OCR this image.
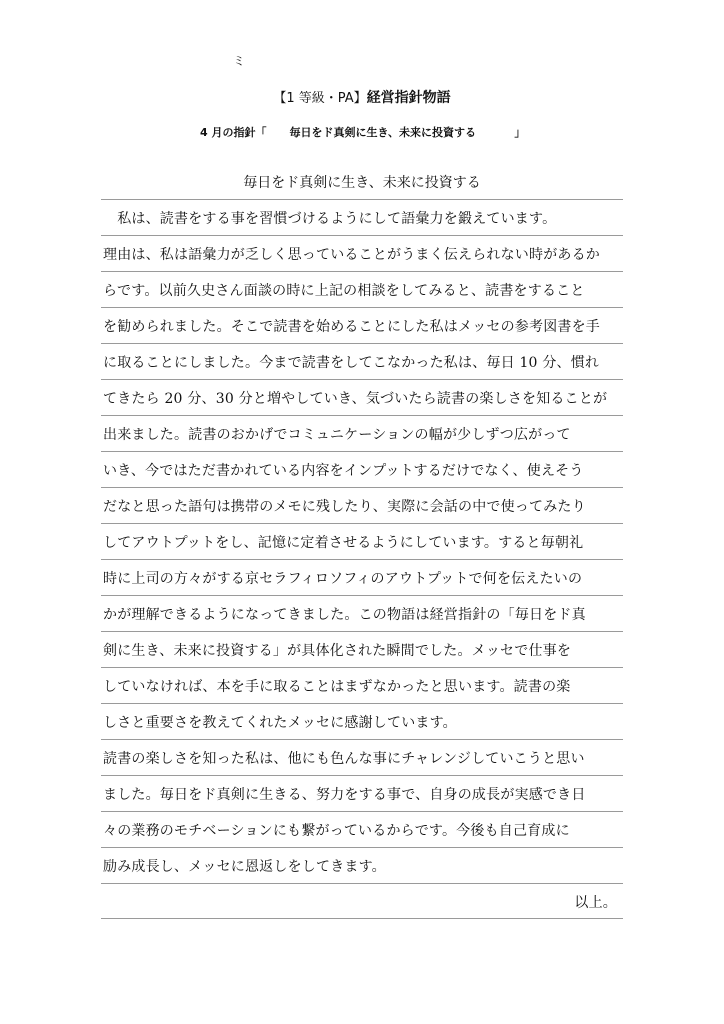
ミ
【1 等級・PA】経営指針物語
4 月の指針「 毎日をド真剣に生き、未来に投資する	」
毎日をド真剣に生き、未来に投資する
　私は、読書をする事を習慣づけるようにして語彙力を鍛えています。
理由は、私は語彙力が乏しく思っていることがうまく伝えられない時があるか
らです。以前久史さん面談の時に上記の相談をしてみると、読書をすること
を勧められました。そこで読書を始めることにした私はメッセの参考図書を手
に取ることにしました。今まで読書をしてこなかった私は、毎日 10 分、慣れ
てきたら 20 分、30 分と増やしていき、気づいたら読書の楽しさを知ることが
出来ました。読書のおかげでコミュニケーションの幅が少しずつ広がって
いき、今ではただ書かれている内容をインプットするだけでなく、使えそう
だなと思った語句は携帯のメモに残したり、実際に会話の中で使ってみたり
してアウトプットをし、記憶に定着させるようにしています。すると毎朝礼
時に上司の方々がする京セラフィロソフィのアウトプットで何を伝えたいの
かが理解できるようになってきました。この物語は経営指針の「毎日をド真
剣に生き、未来に投資する」が具体化された瞬間でした。メッセで仕事を
していなければ、本を手に取ることはまずなかったと思います。読書の楽
しさと重要さを教えてくれたメッセに感謝しています。
読書の楽しさを知った私は、他にも色んな事にチャレンジしていこうと思い
ました。毎日をド真剣に生きる、努力をする事で、自身の成長が実感でき日
々の業務のモチベーションにも繋がっているからです。今後も自己育成に
励み成長し、メッセに恩返しをしてきます。
以上。
